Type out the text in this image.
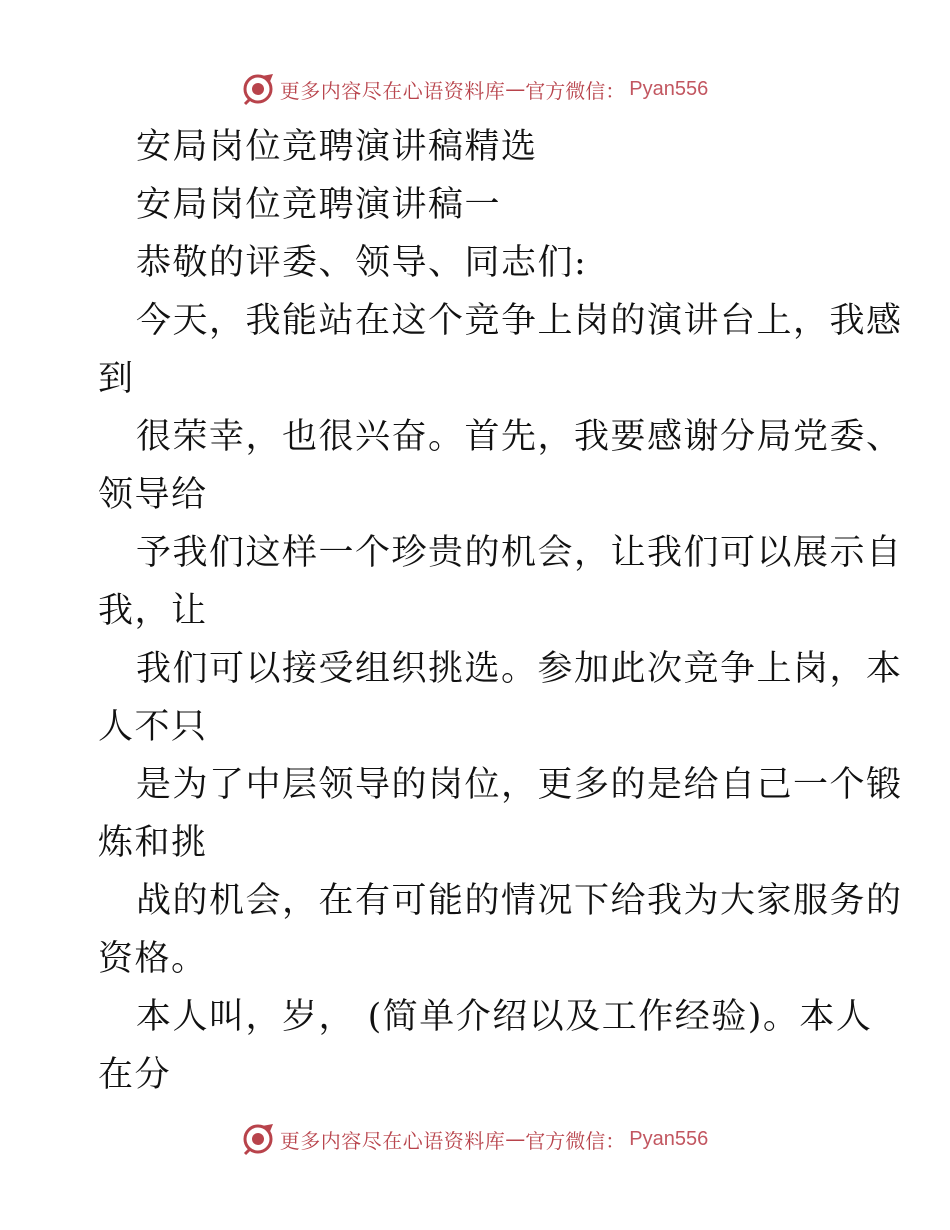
更多内容尽在心语资料库 — 官方微信： Pyan556
安局岗位竞聘演讲稿精选
安局岗位竞聘演讲稿一
恭敬的评委、领导、同志们:
今天，我能站在这个竞争上岗的演讲台上，我感
到
很荣幸，也很兴奋。首先，我要感谢分局党委、
领导给
予我们这样一个珍贵的机会，让我们可以展示自
我，让
我们可以接受组织挑选。参加此次竞争上岗，本
人不只
是为了中层领导的岗位，更多的是给自己一个锻
炼和挑
战的机会，在有可能的情况下给我为大家服务的
资格。
本人叫，岁， (简单介绍以及工作经验)。本人
在分
更多内容尽在心语资料库 — 官方微信： Pyan556
